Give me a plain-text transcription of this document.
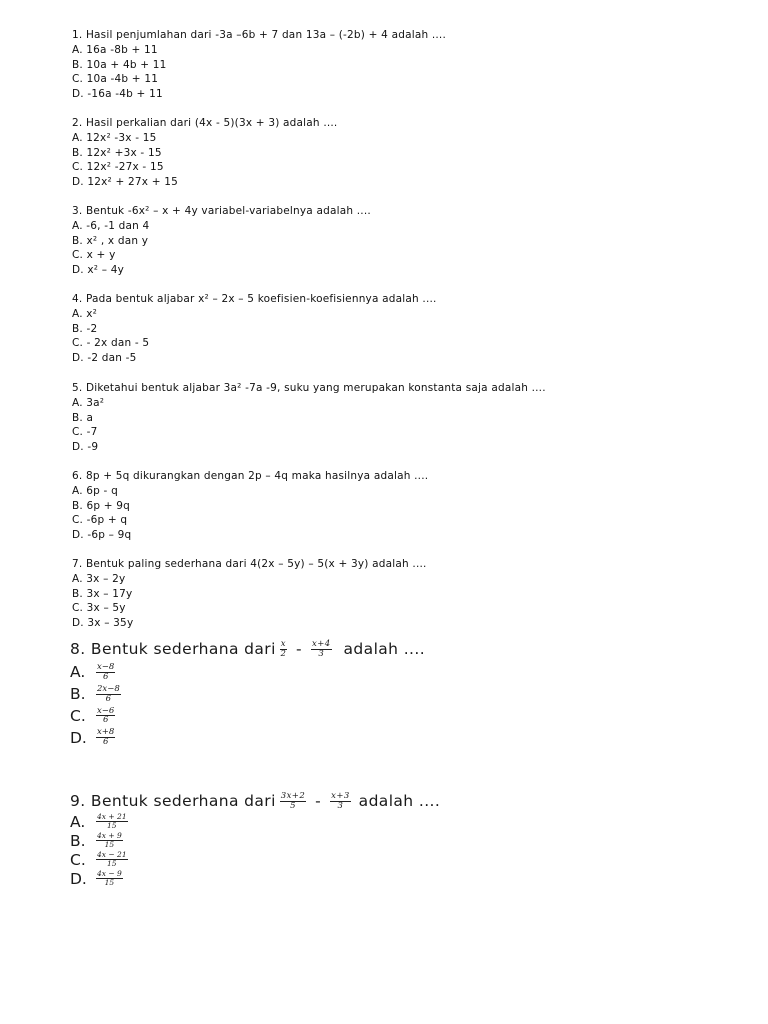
1. Hasil penjumlahan dari -3a –6b + 7 dan 13a – (-2b) + 4 adalah ....
A. 16a -8b + 11
B. 10a + 4b + 11
C. 10a -4b + 11
D. -16a -4b + 11
2. Hasil perkalian dari (4x - 5)(3x + 3) adalah ....
A. 12x² -3x - 15
B. 12x² +3x - 15
C. 12x² -27x - 15
D. 12x² + 27x + 15
3. Bentuk -6x² – x + 4y variabel-variabelnya adalah ....
A. -6, -1 dan 4
B. x² , x dan y
C. x + y
D. x² – 4y
4. Pada bentuk aljabar x² – 2x – 5 koefisien-koefisiennya adalah ....
A. x²
B. -2
C. - 2x dan - 5
D. -2 dan -5
5. Diketahui bentuk aljabar 3a² -7a -9, suku yang merupakan konstanta saja adalah ....
A. 3a²
B. a
C. -7
D. -9
6. 8p + 5q dikurangkan dengan 2p – 4q maka hasilnya adalah ....
A. 6p - q
B. 6p + 9q
C. -6p + q
D. -6p – 9q
7. Bentuk paling sederhana dari 4(2x – 5y) – 5(x + 3y) adalah ....
A. 3x – 2y
B. 3x – 17y
C. 3x – 5y
D. 3x – 35y
8. Bentuk sederhana dari $\frac{x}{2} - \frac{x+4}{3}$ adalah ....
A.	$\frac{x-8}{6}$
B.	$\frac{2x-8}{6}$
C.	$\frac{x-6}{6}$
D.	$\frac{x+8}{6}$
9. Bentuk sederhana dari $\frac{3x+2}{5} - \frac{x+3}{3}$ adalah ....
A.	$\frac{4x + 21}{15}$
B.	$\frac{4x + 9}{15}$
C.	$\frac{4x - 21}{15}$
D.	$\frac{4x - 9}{15}$
